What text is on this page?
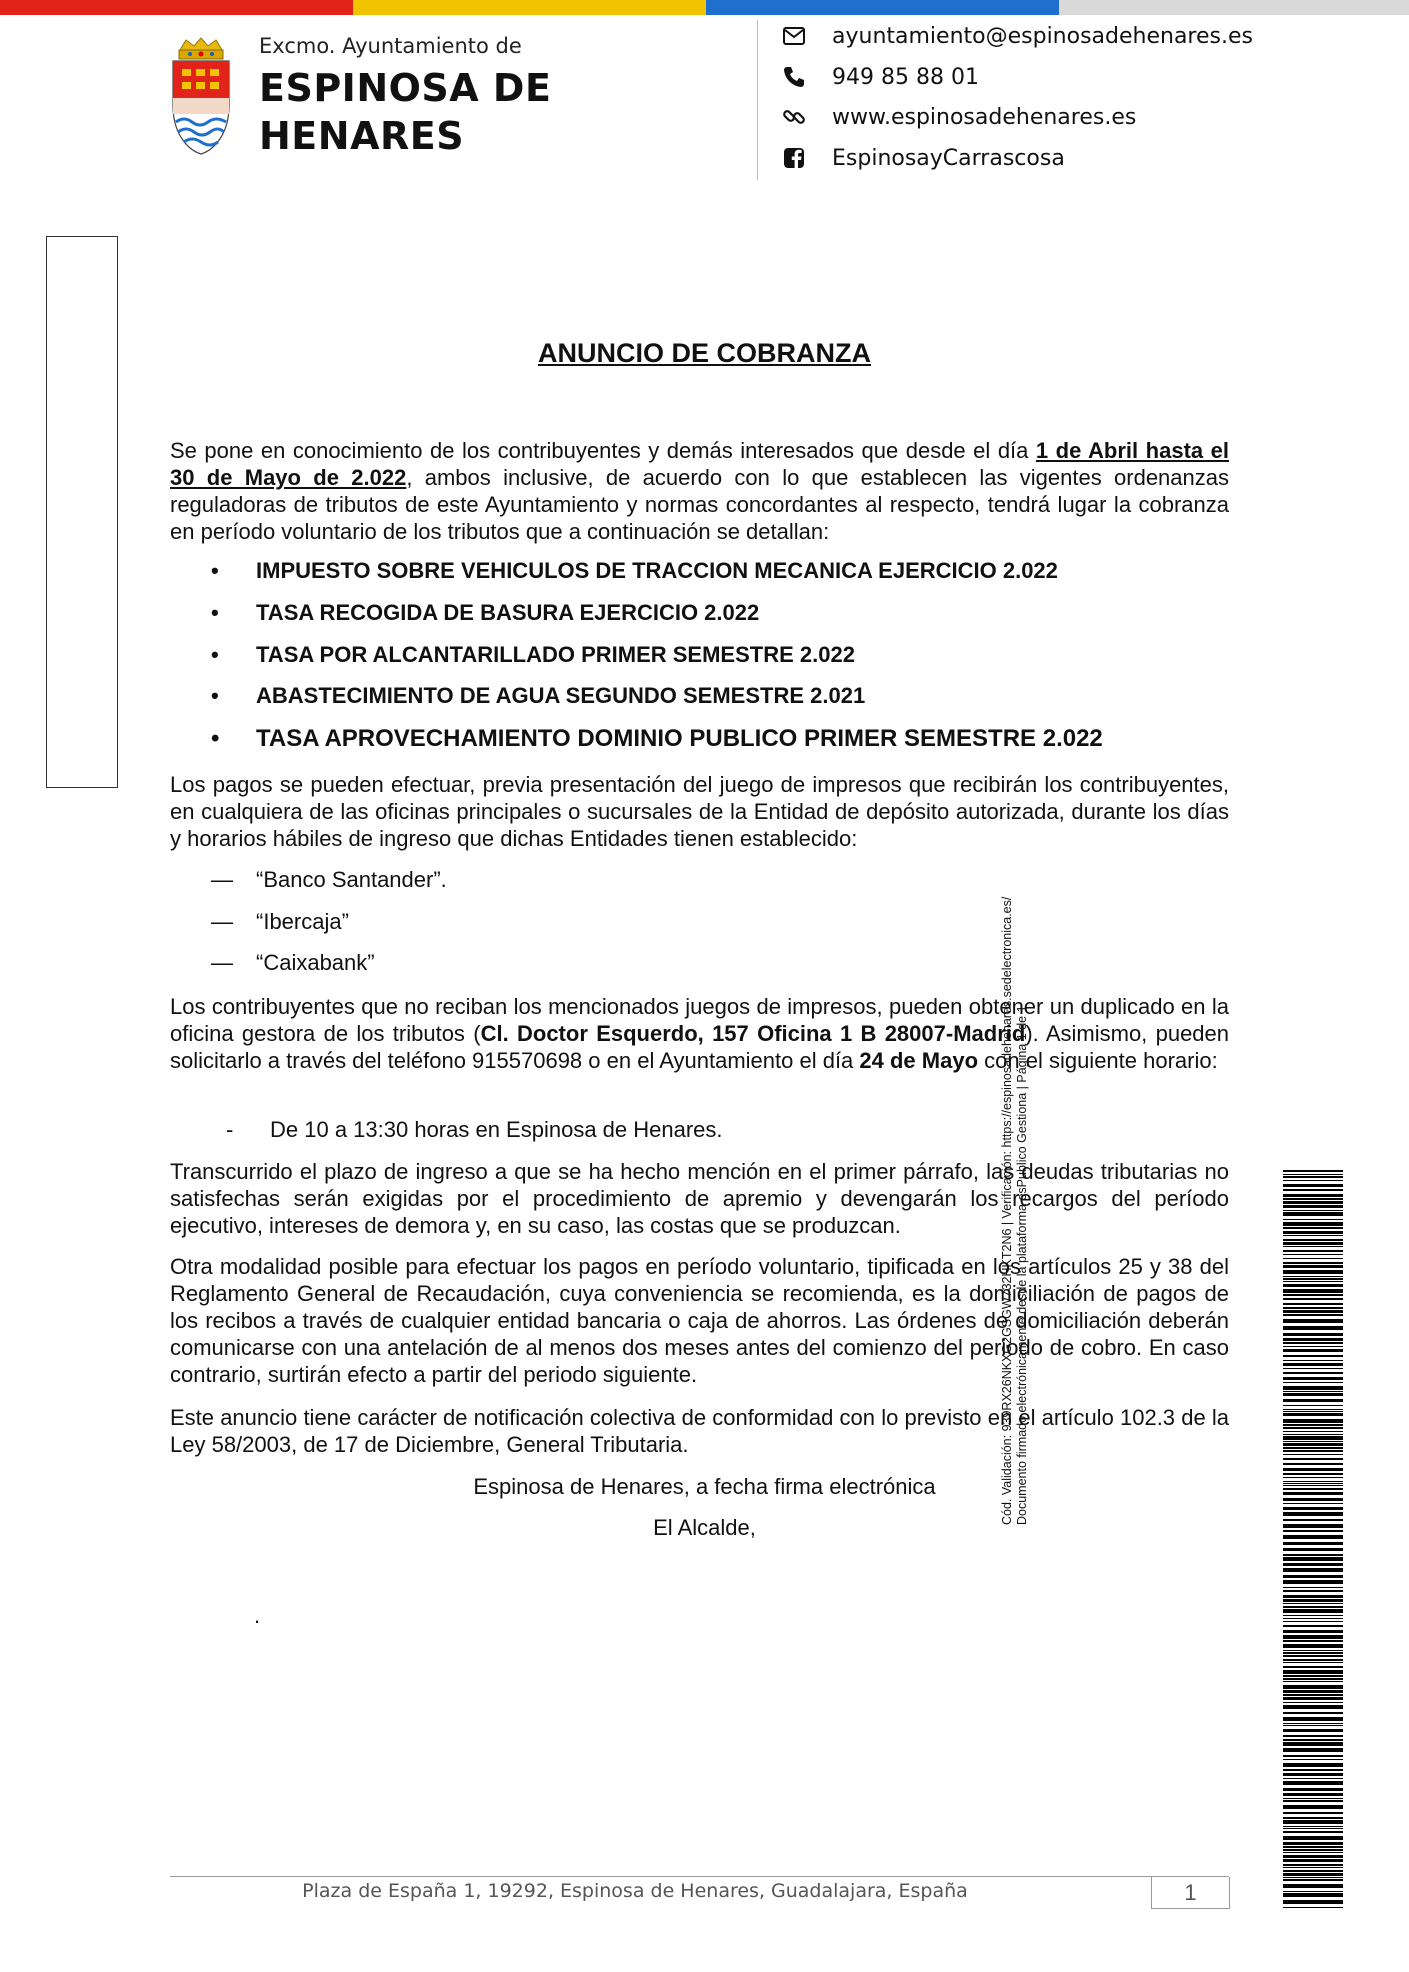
Excmo. Ayuntamiento de
ESPINOSA DE
HENARES
ayuntamiento@espinosadehenares.es
949 85 88 01
www.espinosadehenares.es
EspinosayCarrascosa
ANUNCIO DE COBRANZA
Se pone en conocimiento de los contribuyentes y demás interesados que desde el día 1 de Abril hasta el 30 de Mayo de 2.022, ambos inclusive, de acuerdo con lo que establecen las vigentes ordenanzas reguladoras de tributos de este Ayuntamiento y normas concordantes al respecto, tendrá lugar la cobranza en período voluntario de los tributos que a continuación se detallan:
• IMPUESTO SOBRE VEHICULOS DE TRACCION MECANICA EJERCICIO 2.022
• TASA RECOGIDA DE BASURA EJERCICIO 2.022
• TASA POR ALCANTARILLADO PRIMER SEMESTRE 2.022
• ABASTECIMIENTO DE AGUA SEGUNDO SEMESTRE 2.021
• TASA APROVECHAMIENTO DOMINIO PUBLICO PRIMER SEMESTRE 2.022
Los pagos se pueden efectuar, previa presentación del juego de impresos que recibirán los contribuyentes, en cualquiera de las oficinas principales o sucursales de la Entidad de depósito autorizada, durante los días y horarios hábiles de ingreso que dichas Entidades tienen establecido:
— “Banco Santander”.
— “Ibercaja”
— “Caixabank”
Los contribuyentes que no reciban los mencionados juegos de impresos, pueden obtener un duplicado en la oficina gestora de los tributos (Cl. Doctor Esquerdo, 157 Oficina 1 B 28007-Madrid). Asimismo, pueden solicitarlo a través del teléfono 915570698 o en el Ayuntamiento el día 24 de Mayo con el siguiente horario:
- De 10 a 13:30 horas en Espinosa de Henares.
Transcurrido el plazo de ingreso a que se ha hecho mención en el primer párrafo, las deudas tributarias no satisfechas serán exigidas por el procedimiento de apremio y devengarán los recargos del período ejecutivo, intereses de demora y, en su caso, las costas que se produzcan.
Otra modalidad posible para efectuar los pagos en período voluntario, tipificada en los artículos 25 y 38 del Reglamento General de Recaudación, cuya conveniencia se recomienda, es la domiciliación de pagos de los recibos a través de cualquier entidad bancaria o caja de ahorros. Las órdenes de domiciliación deberán comunicarse con una antelación de al menos dos meses antes del comienzo del periodo de cobro. En caso contrario, surtirán efecto a partir del periodo siguiente.
Este anuncio tiene carácter de notificación colectiva de conformidad con lo previsto en el artículo 102.3 de la Ley 58/2003, de 17 de Diciembre, General Tributaria.
Espinosa de Henares, a fecha firma electrónica
El Alcalde,
.
Cód. Validación: 939RX26NKXG2GSGW732HKT2N6 | Verificación: https://espinosadehenares.sedelectronica.es/ Documento firmado electrónicamente desde la plataforma esPublico Gestiona | Página 1 de 1
Plaza de España 1, 19292, Espinosa de Henares, Guadalajara, España	1
